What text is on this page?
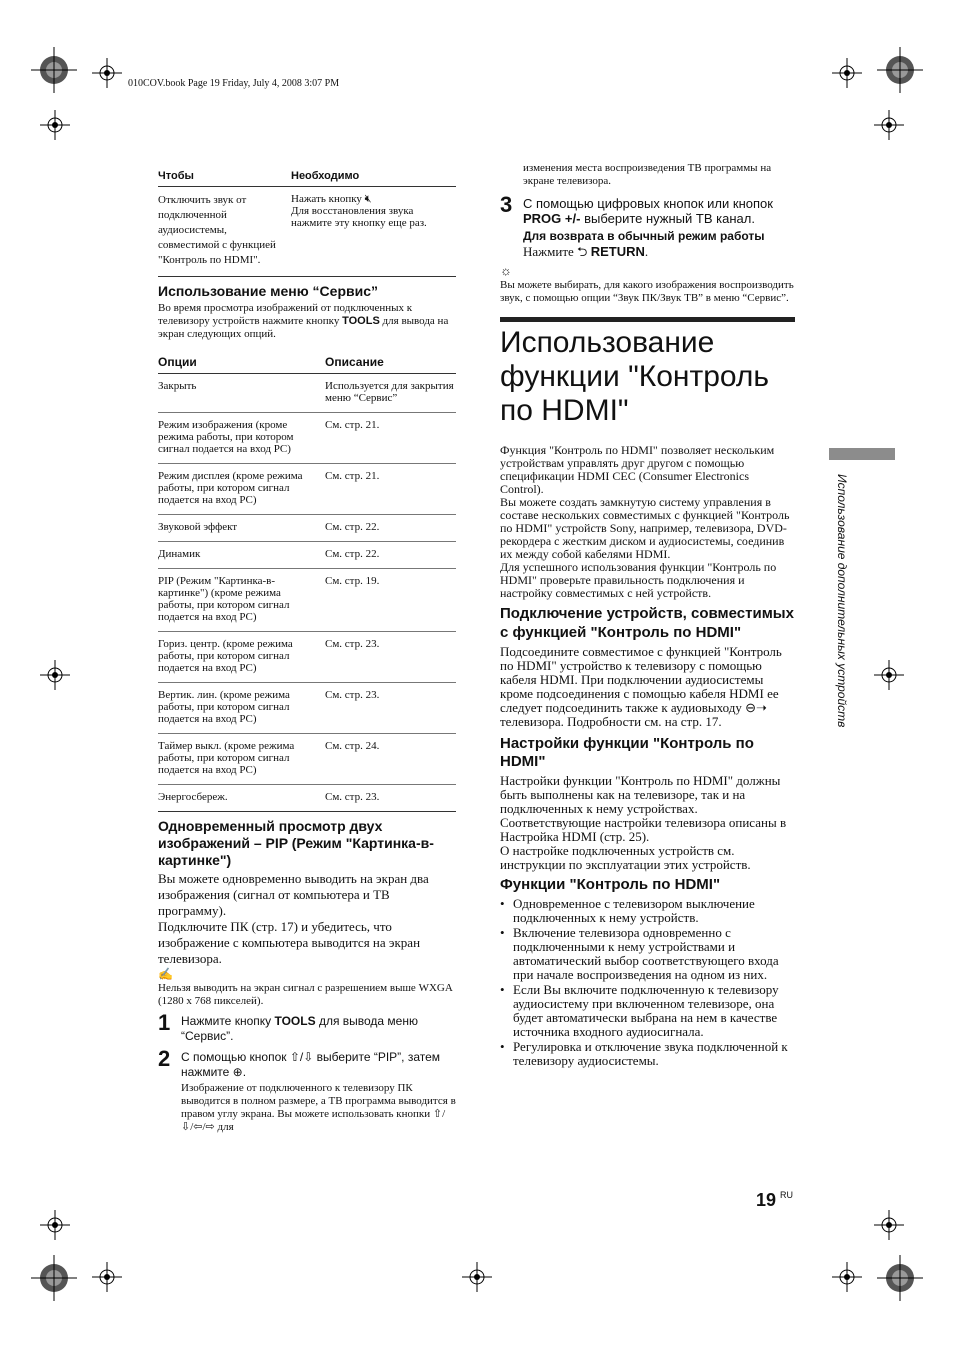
010COV.book Page 19 Friday, July 4, 2008 3:07 PM
Чтобы	Необходимо
Отключить звук от подключенной аудиосистемы, совместимой с функцией "Контроль по HDMI".	Нажать кнопку 🔇︎
Для восстановления звука нажмите эту кнопку еще раз.
Использование меню “Сервис”
Во время просмотра изображений от подключенных к телевизору устройств нажмите кнопку TOOLS для вывода на экран следующих опций.
Опции	Описание
Закрыть	Используется для закрытия меню “Сервис”
Режим изображения (кроме режима работы, при котором сигнал подается на вход PC)	См. стр. 21.
Режим дисплея (кроме режима работы, при котором сигнал подается на вход PC)	См. стр. 21.
Звуковой эффект	См. стр. 22.
Динамик	См. стр. 22.
PIP (Режим "Картинка-в-картинке") (кроме режима работы, при котором сигнал подается на вход PC)	См. стр. 19.
Гориз. центр. (кроме режима работы, при котором сигнал подается на вход PC)	См. стр. 23.
Вертик. лин. (кроме режима работы, при котором сигнал подается на вход PC)	См. стр. 23.
Таймер выкл. (кроме режима работы, при котором сигнал подается на вход PC)	См. стр. 24.
Энергосбереж.	См. стр. 23.
Одновременный просмотр двух изображений – PIP (Режим "Картинка-в-картинке")
Вы можете одновременно выводить на экран два изображения (сигнал от компьютера и ТВ программу).
Подключите ПК (стр. 17) и убедитесь, что изображение с компьютера выводится на экран телевизора.
✍
Нельзя выводить на экран сигнал с разрешением выше WXGA (1280 x 768 пикселей).
1 Нажмите кнопку TOOLS для вывода меню “Сервис”.
2 С помощью кнопок ⇧/⇩ выберите “PIP”, затем нажмите ⊕.
Изображение от подключенного к телевизору ПК выводится в полном размере, а ТВ программа выводится в правом углу экрана. Вы можете использовать кнопки ⇧/⇩/⇦/⇨ для
изменения места воспроизведения ТВ программы на экране телевизора.
3 С помощью цифровых кнопок или кнопок PROG +/- выберите нужный ТВ канал.
Для возврата в обычный режим работы
Нажмите ⮌ RETURN.
☼
Вы можете выбирать, для какого изображения воспроизводить звук, с помощью опции “Звук ПК/Звук ТВ” в меню “Сервис”.
Использование функции "Контроль по HDMI"
Функция "Контроль по HDMI" позволяет нескольким устройствам управлять друг другом с помощью спецификации HDMI CEC (Consumer Electronics Control).
Вы можете создать замкнутую систему управления в составе нескольких совместимых с функцией "Контроль по HDMI" устройств Sony, например, телевизора, DVD-рекордера с жестким диском и аудиосистемы, соединив их между собой кабелями HDMI.
Для успешного использования функции "Контроль по HDMI" проверьте правильность подключения и настройку совместимых с ней устройств.
Подключение устройств, совместимых с функцией "Контроль по HDMI"
Подсоедините совместимое с функцией "Контроль по HDMI" устройство к телевизору с помощью кабеля HDMI. При подключении аудиосистемы кроме подсоединения с помощью кабеля HDMI ее следует подсоединить также к аудиовыходу ⊖➝ телевизора. Подробности см. на стр. 17.
Настройки функции "Контроль по HDMI"
Настройки функции "Контроль по HDMI" должны быть выполнены как на телевизоре, так и на подключенных к нему устройствах. Соответствующие настройки телевизора описаны в Настройка HDMI (стр. 25).
О настройке подключенных устройств см. инструкции по эксплуатации этих устройств.
Функции "Контроль по HDMI"
• Одновременное с телевизором выключение подключенных к нему устройств.
• Включение телевизора одновременно с подключенными к нему устройствами и автоматический выбор соответствующего входа при начале воспроизведения на одном из них.
• Если Вы включите подключенную к телевизору аудиосистему при включенном телевизоре, она будет автоматически выбрана на нем в качестве источника входного аудиосигнала.
• Регулировка и отключение звука подключенной к телевизору аудиосистемы.
Использование дополнительных устройств
19 $^{RU}$
